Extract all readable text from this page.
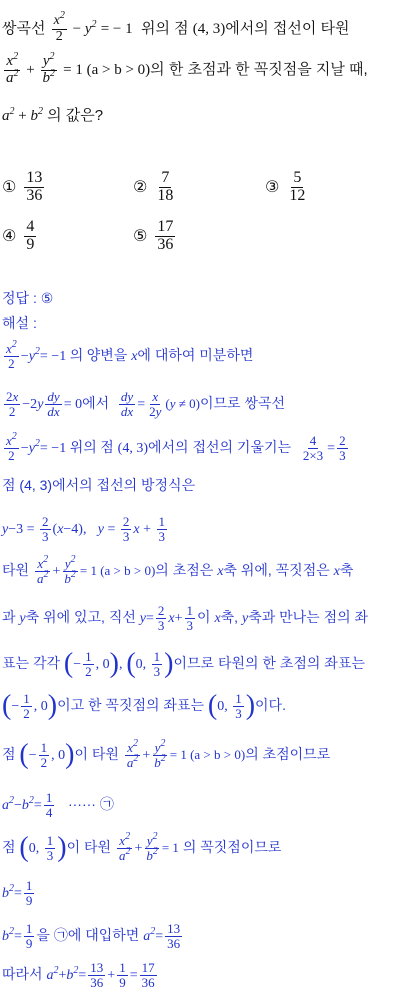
쌍곡선 $\frac{x^2}{2} - y^2$ = − 1 위의 점 (4, 3)에서의 접선이 타원
$\frac{x^2}{a^2} + \frac{y^2}{b^2} = 1$ (a > b > 0)의 한 초점과 한 꼭짓점을 지날 때,
$a^2 + b^2$ 의 값은?
① $\frac{13}{36}$	② $\frac{7}{18}$	③ $\frac{5}{12}$
④ $\frac{4}{9}$	⑤ $\frac{17}{36}$
정답 : ⑤
해설 :
$\frac{x^2}{2} -y^2= -1$ 의 양변을 x에 대하여 미분하면
$\frac{2x}{2} -2y \frac{dy}{dx} = 0$에서 $\frac{dy}{dx} = \frac{x}{2y} (y \ne 0)$이므로 쌍곡선
$\frac{x^2}{2} -y^2= -1$ 위의 점 (4, 3)에서의 접선의 기울기는 $\frac{4}{2\times 3} = \frac{2}{3}$
점 (4, 3)에서의 접선의 방정식은
$y-3 = \frac{2}{3} (x-4)$,   $y = \frac{2}{3}$ $x + \frac{1}{3}$
타원 $\frac{x^2}{a^2} + \frac{y^2}{b^2} = 1$ (a > b > 0)의 초점은 x축 위에, 꼭짓점은 x축
과 y축 위에 있고, 직선 $y= \frac{2}{3} x+ \frac{1}{3}$ 이 x축, y축과 만나는 점의 좌
표는 각각 (− $\frac{1}{2}$ , 0), (0, $\frac{1}{3}$ )이므로 타원의 한 초점의 좌표는
(− $\frac{1}{2}$ , 0)이고 한 꼭짓점의 좌표는 (0, $\frac{1}{3}$ )이다.
점 (− $\frac{1}{2}$ , 0)이 타원 $\frac{x^2}{a^2} + \frac{y^2}{b^2} = 1$ (a > b > 0)의 초점이므로
$a^2-b^2= \frac{1}{4}$ ······ ㉠
점 (0, $\frac{1}{3}$ )이 타원 $\frac{x^2}{a^2} + \frac{y^2}{b^2} = 1$ 의 꼭짓점이므로
$b^2= \frac{1}{9}$
$b^2= \frac{1}{9}$ 을 ㉠에 대입하면 $a^2= \frac{13}{36}$
따라서 $a^2+b^2= \frac{13}{36} + \frac{1}{9} = \frac{17}{36}$
